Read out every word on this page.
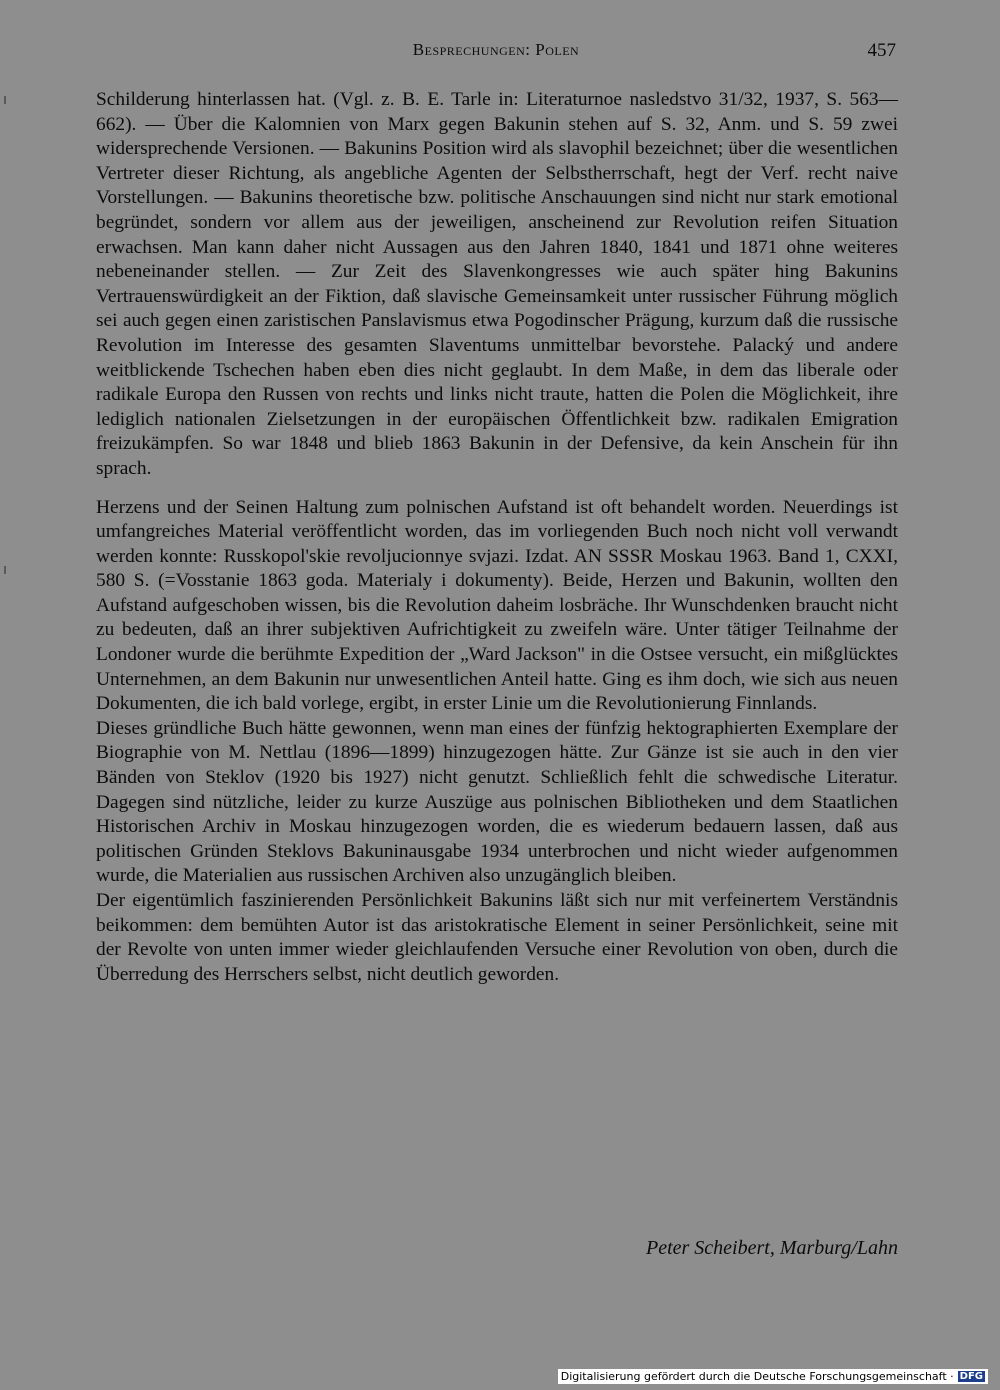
Besprechungen: Polen	457

Schilderung hinterlassen hat. (Vgl. z. B. E. Tarle in: Literaturnoe nasledstvo 31/32, 1937, S. 563—662). — Über die Kalomnien von Marx gegen Bakunin stehen auf S. 32, Anm. und S. 59 zwei widersprechende Versionen. — Bakunins Position wird als slavophil bezeichnet; über die wesentlichen Vertreter dieser Richtung, als angebliche Agenten der Selbstherrschaft, hegt der Verf. recht naive Vorstellungen. — Bakunins theoretische bzw. politische Anschauungen sind nicht nur stark emotional begründet, sondern vor allem aus der jeweiligen, anscheinend zur Revolution reifen Situation erwachsen. Man kann daher nicht Aussagen aus den Jahren 1840, 1841 und 1871 ohne weiteres nebeneinander stellen. — Zur Zeit des Slavenkongresses wie auch später hing Bakunins Vertrauenswürdigkeit an der Fiktion, daß slavische Gemeinsamkeit unter russischer Führung möglich sei auch gegen einen zaristischen Panslavismus etwa Pogodinscher Prägung, kurzum daß die russische Revolution im Interesse des gesamten Slaventums unmittelbar bevorstehe. Palacký und andere weitblickende Tschechen haben eben dies nicht geglaubt. In dem Maße, in dem das liberale oder radikale Europa den Russen von rechts und links nicht traute, hatten die Polen die Möglichkeit, ihre lediglich nationalen Zielsetzungen in der europäischen Öffentlichkeit bzw. radikalen Emigration freizukämpfen. So war 1848 und blieb 1863 Bakunin in der Defensive, da kein Anschein für ihn sprach.

Herzens und der Seinen Haltung zum polnischen Aufstand ist oft behandelt worden. Neuerdings ist umfangreiches Material veröffentlicht worden, das im vorliegenden Buch noch nicht voll verwandt werden konnte: Russkopol'skie revoljucionnye svjazi. Izdat. AN SSSR Moskau 1963. Band 1, CXXI, 580 S. (=Vosstanie 1863 goda. Materialy i dokumenty). Beide, Herzen und Bakunin, wollten den Aufstand aufgeschoben wissen, bis die Revolution daheim losbräche. Ihr Wunschdenken braucht nicht zu bedeuten, daß an ihrer subjektiven Aufrichtigkeit zu zweifeln wäre. Unter tätiger Teilnahme der Londoner wurde die berühmte Expedition der „Ward Jackson" in die Ostsee versucht, ein mißglücktes Unternehmen, an dem Bakunin nur unwesentlichen Anteil hatte. Ging es ihm doch, wie sich aus neuen Dokumenten, die ich bald vorlege, ergibt, in erster Linie um die Revolutionierung Finnlands.

Dieses gründliche Buch hätte gewonnen, wenn man eines der fünfzig hektographierten Exemplare der Biographie von M. Nettlau (1896—1899) hinzugezogen hätte. Zur Gänze ist sie auch in den vier Bänden von Steklov (1920 bis 1927) nicht genutzt. Schließlich fehlt die schwedische Literatur. Dagegen sind nützliche, leider zu kurze Auszüge aus polnischen Bibliotheken und dem Staatlichen Historischen Archiv in Moskau hinzugezogen worden, die es wiederum bedauern lassen, daß aus politischen Gründen Steklovs Bakuninausgabe 1934 unterbrochen und nicht wieder aufgenommen wurde, die Materialien aus russischen Archiven also unzugänglich bleiben.

Der eigentümlich faszinierenden Persönlichkeit Bakunins läßt sich nur mit verfeinertem Verständnis beikommen: dem bemühten Autor ist das aristokratische Element in seiner Persönlichkeit, seine mit der Revolte von unten immer wieder gleichlaufenden Versuche einer Revolution von oben, durch die Überredung des Herrschers selbst, nicht deutlich geworden.

Peter Scheibert, Marburg/Lahn
Digitalisierung gefördert durch die Deutsche Forschungsgemeinschaft · DFG
